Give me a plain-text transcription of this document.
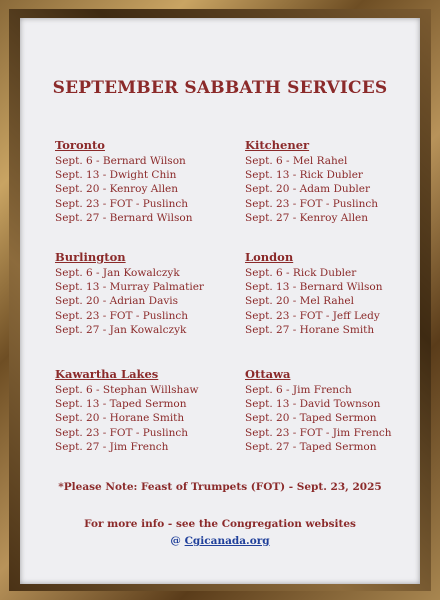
SEPTEMBER SABBATH SERVICES
Toronto
Sept. 6 - Bernard Wilson
Sept. 13 - Dwight Chin
Sept. 20 - Kenroy Allen
Sept. 23 - FOT - Puslinch
Sept. 27 - Bernard Wilson
Kitchener
Sept. 6 - Mel Rahel
Sept. 13 - Rick Dubler
Sept. 20 - Adam Dubler
Sept. 23 - FOT - Puslinch
Sept. 27 - Kenroy Allen
Burlington
Sept. 6 - Jan Kowalczyk
Sept. 13 - Murray Palmatier
Sept. 20 - Adrian Davis
Sept. 23 - FOT - Puslinch
Sept. 27 - Jan Kowalczyk
London
Sept. 6 - Rick Dubler
Sept. 13 - Bernard Wilson
Sept. 20 - Mel Rahel
Sept. 23 - FOT - Jeff Ledy
Sept. 27 - Horane Smith
Kawartha Lakes
Sept. 6 - Stephan Willshaw
Sept. 13 - Taped Sermon
Sept. 20 - Horane Smith
Sept. 23 - FOT - Puslinch
Sept. 27 - Jim French
Ottawa
Sept. 6 - Jim French
Sept. 13 - David Townson
Sept. 20 - Taped Sermon
Sept. 23 - FOT - Jim French
Sept. 27 - Taped Sermon
*Please Note: Feast of Trumpets (FOT) - Sept. 23, 2025
For more info - see the Congregation websites
@ Cgicanada.org
